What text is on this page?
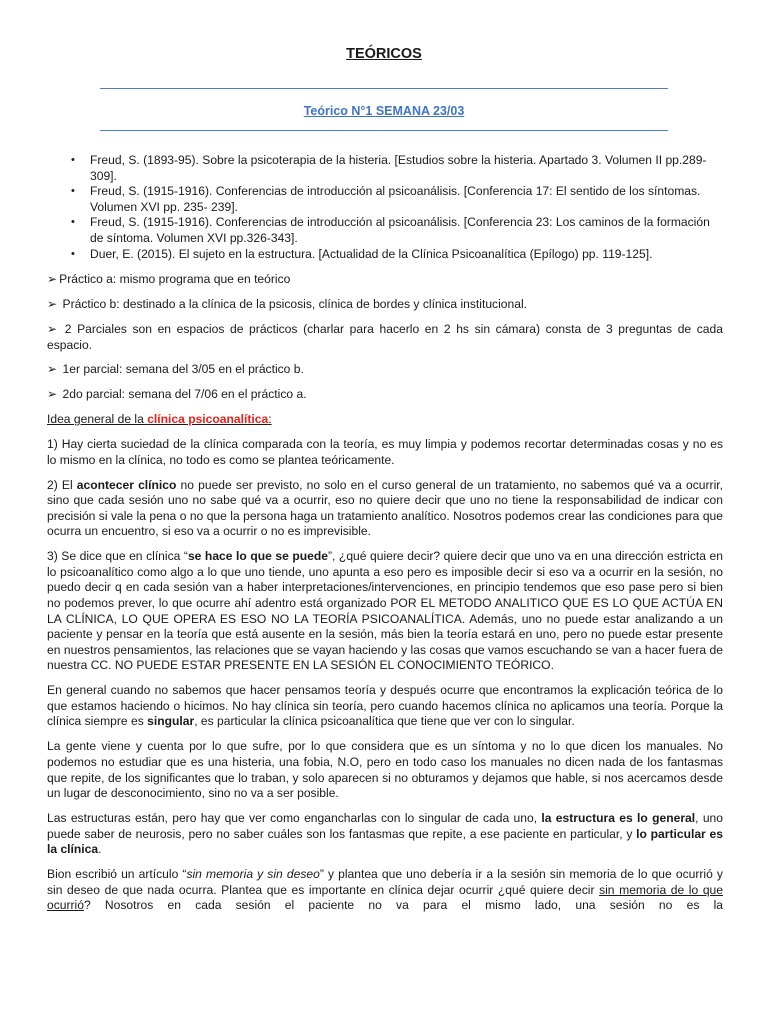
TEÓRICOS
Teórico N°1 SEMANA 23/03
• Freud, S. (1893-95). Sobre la psicoterapia de la histeria. [Estudios sobre la histeria. Apartado 3. Volumen II pp.289-309].
• Freud, S. (1915-1916). Conferencias de introducción al psicoanálisis. [Conferencia 17: El sentido de los síntomas. Volumen XVI pp. 235- 239].
• Freud, S. (1915-1916). Conferencias de introducción al psicoanálisis. [Conferencia 23: Los caminos de la formación de síntoma. Volumen XVI pp.326-343].
• Duer, E. (2015). El sujeto en la estructura. [Actualidad de la Clínica Psicoanalítica (Epílogo) pp. 119-125].

➢ Práctico a: mismo programa que en teórico

➢ Práctico b: destinado a la clínica de la psicosis, clínica de bordes y clínica institucional.

➢ 2 Parciales son en espacios de prácticos (charlar para hacerlo en 2 hs sin cámara) consta de 3 preguntas de cada espacio.

➢ 1er parcial: semana del 3/05 en el práctico b.

➢ 2do parcial: semana del 7/06 en el práctico a.

Idea general de la clínica psicoanalítica:

1) Hay cierta suciedad de la clínica comparada con la teoría, es muy limpia y podemos recortar determinadas cosas y no es lo mismo en la clínica, no todo es como se plantea teóricamente.

2) El acontecer clínico no puede ser previsto, no solo en el curso general de un tratamiento, no sabemos qué va a ocurrir, sino que cada sesión uno no sabe qué va a ocurrir, eso no quiere decir que uno no tiene la responsabilidad de indicar con precisión si vale la pena o no que la persona haga un tratamiento analítico. Nosotros podemos crear las condiciones para que ocurra un encuentro, si eso va a ocurrir o no es imprevisible.

3) Se dice que en clínica “se hace lo que se puede”, ¿qué quiere decir? quiere decir que uno va en una dirección estricta en lo psicoanalítico como algo a lo que uno tiende, uno apunta a eso pero es imposible decir si eso va a ocurrir en la sesión, no puedo decir q en cada sesión van a haber interpretaciones/intervenciones, en principio tendemos que eso pase pero si bien no podemos prever, lo que ocurre ahí adentro está organizado POR EL METODO ANALITICO QUE ES LO QUE ACTÚA EN LA CLÍNICA, LO QUE OPERA ES ESO NO LA TEORÍA PSICOANALÍTICA. Además, uno no puede estar analizando a un paciente y pensar en la teoría que está ausente en la sesión, más bien la teoría estará en uno, pero no puede estar presente en nuestros pensamientos, las relaciones que se vayan haciendo y las cosas que vamos escuchando se van a hacer fuera de nuestra CC. NO PUEDE ESTAR PRESENTE EN LA SESIÓN EL CONOCIMIENTO TEÓRICO.

En general cuando no sabemos que hacer pensamos teoría y después ocurre que encontramos la explicación teórica de lo que estamos haciendo o hicimos. No hay clínica sin teoría, pero cuando hacemos clínica no aplicamos una teoría. Porque la clínica siempre es singular, es particular la clínica psicoanalítica que tiene que ver con lo singular.

La gente viene y cuenta por lo que sufre, por lo que considera que es un síntoma y no lo que dicen los manuales. No podemos no estudiar que es una histeria, una fobia, N.O, pero en todo caso los manuales no dicen nada de los fantasmas que repite, de los significantes que lo traban, y solo aparecen si no obturamos y dejamos que hable, si nos acercamos desde un lugar de desconocimiento, sino no va a ser posible.

Las estructuras están, pero hay que ver como engancharlas con lo singular de cada uno, la estructura es lo general, uno puede saber de neurosis, pero no saber cuáles son los fantasmas que repite, a ese paciente en particular, y lo particular es la clínica.

Bion escribió un artículo “sin memoria y sin deseo” y plantea que uno debería ir a la sesión sin memoria de lo que ocurrió y sin deseo de que nada ocurra. Plantea que es importante en clínica dejar ocurrir ¿qué quiere decir sin memoria de lo que ocurrió? Nosotros en cada sesión el paciente no va para el mismo lado, una sesión no es la
